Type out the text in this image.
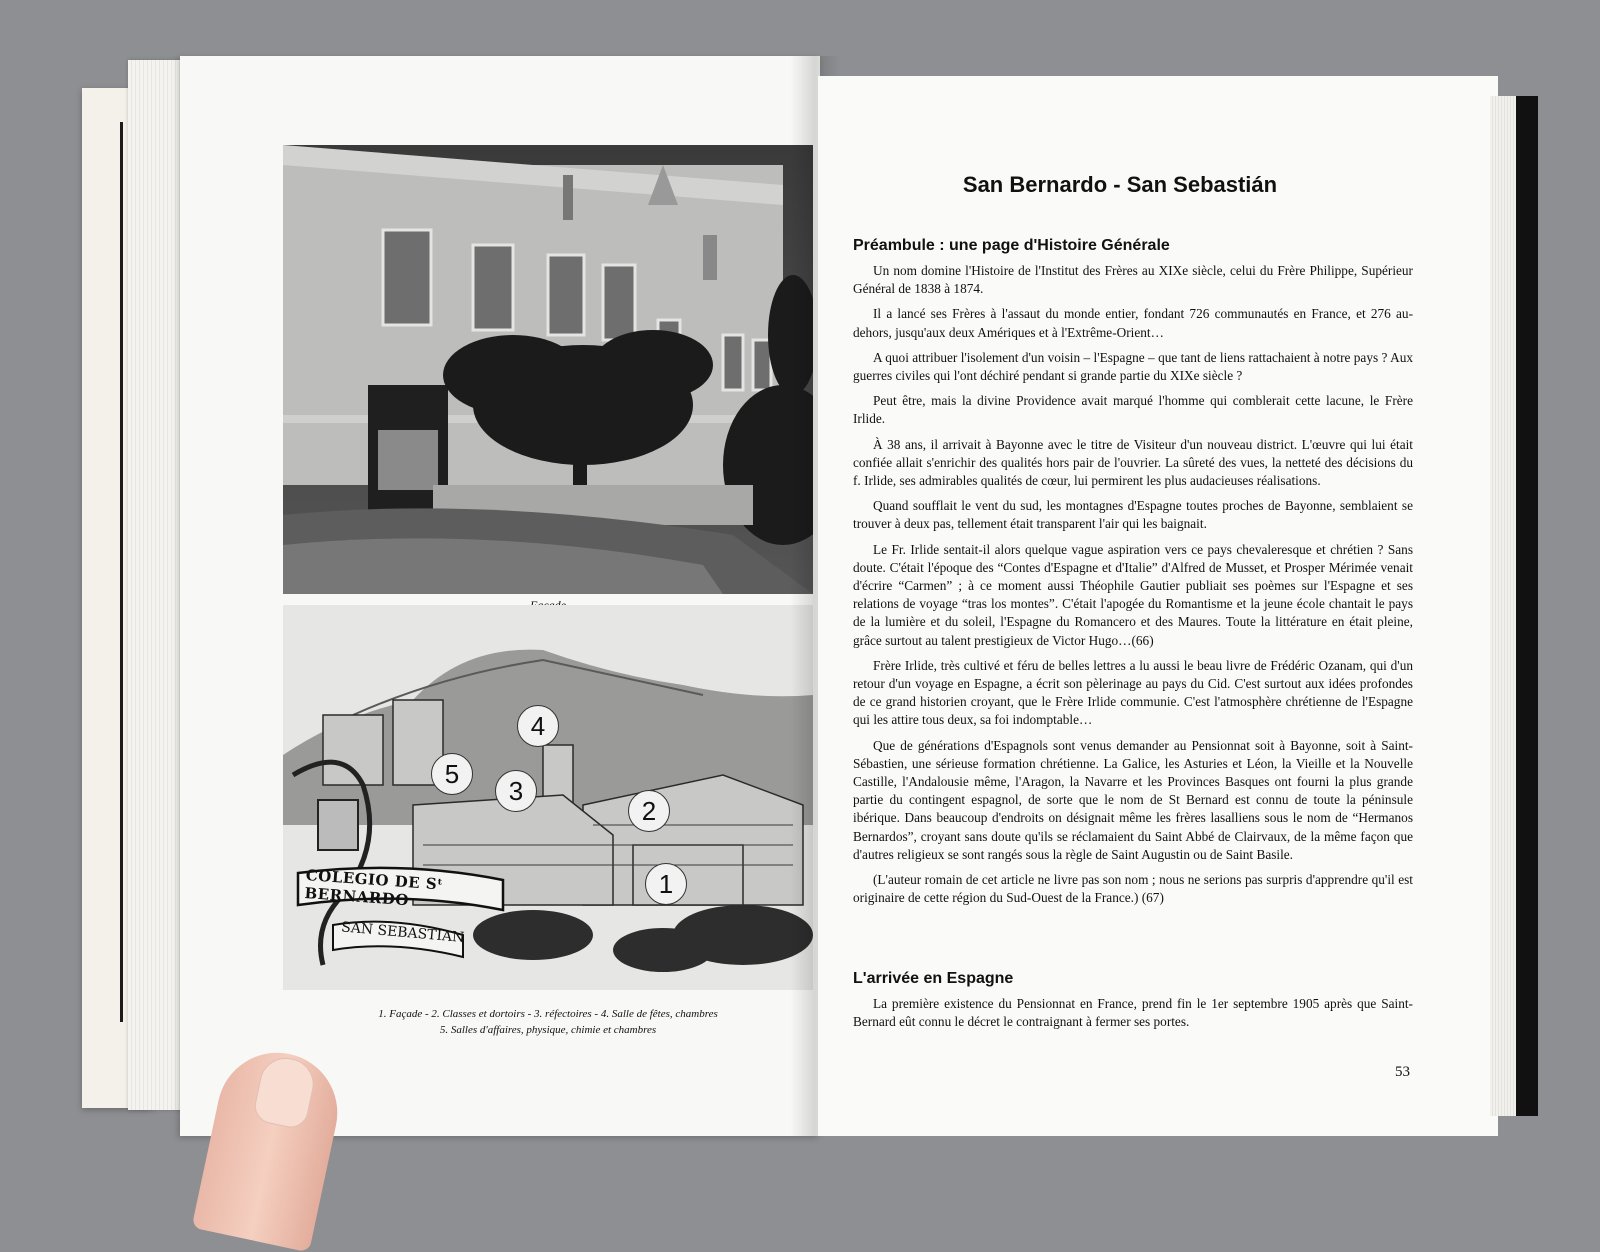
COLEGIO DE Sᵗ BERNARDO
SAN SEBASTIAN
4
5
3
2
1
1. Façade - 2. Classes et dortoirs - 3. réfectoires - 4. Salle de fêtes, chambres
5. Salles d'affaires, physique, chimie et chambres
San Bernardo - San Sebastián
Préambule : une page d'Histoire Générale

Un nom domine l'Histoire de l'Institut des Frères au XIXe siècle, celui du Frère Philippe, Supérieur Général de 1838 à 1874.

Il a lancé ses Frères à l'assaut du monde entier, fondant 726 communautés en France, et 276 au-dehors, jusqu'aux deux Amériques et à l'Extrême-Orient…

A quoi attribuer l'isolement d'un voisin – l'Espagne – que tant de liens rattachaient à notre pays ? Aux guerres civiles qui l'ont déchiré pendant si grande partie du XIXe siècle ?

Peut être, mais la divine Providence avait marqué l'homme qui comblerait cette lacune, le Frère Irlide.

À 38 ans, il arrivait à Bayonne avec le titre de Visiteur d'un nouveau district. L'œuvre qui lui était confiée allait s'enrichir des qualités hors pair de l'ouvrier. La sûreté des vues, la netteté des décisions du f. Irlide, ses admirables qualités de cœur, lui permirent les plus audacieuses réalisations.

Quand soufflait le vent du sud, les montagnes d'Espagne toutes proches de Bayonne, semblaient se trouver à deux pas, tellement était transparent l'air qui les baignait.

Le Fr. Irlide sentait-il alors quelque vague aspiration vers ce pays chevaleresque et chrétien ? Sans doute. C'était l'époque des “Contes d'Espagne et d'Italie” d'Alfred de Musset, et Prosper Mérimée venait d'écrire “Carmen” ; à ce moment aussi Théophile Gautier publiait ses poèmes sur l'Espagne et ses relations de voyage “tras los montes”. C'était l'apogée du Romantisme et la jeune école chantait le pays de la lumière et du soleil, l'Espagne du Romancero et des Maures. Toute la littérature en était pleine, grâce surtout au talent prestigieux de Victor Hugo…(66)

Frère Irlide, très cultivé et féru de belles lettres a lu aussi le beau livre de Frédéric Ozanam, qui d'un retour d'un voyage en Espagne, a écrit son pèlerinage au pays du Cid. C'est surtout aux idées profondes de ce grand historien croyant, que le Frère Irlide communie. C'est l'atmosphère chrétienne de l'Espagne qui les attire tous deux, sa foi indomptable…

Que de générations d'Espagnols sont venus demander au Pensionnat soit à Bayonne, soit à Saint-Sébastien, une sérieuse formation chrétienne. La Galice, les Asturies et Léon, la Vieille et la Nouvelle Castille, l'Andalousie même, l'Aragon, la Navarre et les Provinces Basques ont fourni la plus grande partie du contingent espagnol, de sorte que le nom de St Bernard est connu de toute la péninsule ibérique. Dans beaucoup d'endroits on désignait même les frères lasalliens sous le nom de “Hermanos Bernardos”, croyant sans doute qu'ils se réclamaient du Saint Abbé de Clairvaux, de la même façon que d'autres religieux se sont rangés sous la règle de Saint Augustin ou de Saint Basile.

(L'auteur romain de cet article ne livre pas son nom ; nous ne serions pas surpris d'apprendre qu'il est originaire de cette région du Sud-Ouest de la France.) (67)

L'arrivée en Espagne

La première existence du Pensionnat en France, prend fin le 1er septembre 1905 après que Saint-Bernard eût connu le décret le contraignant à fermer ses portes.

53
